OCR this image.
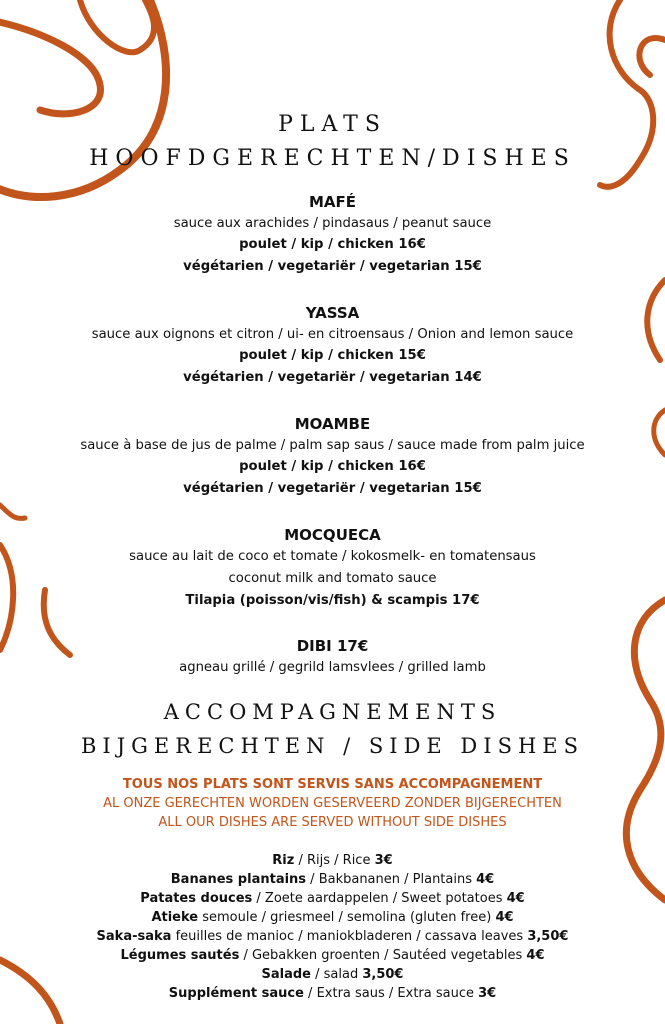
PLATS
HOOFDGERECHTEN/DISHES
MAFÉ
sauce aux arachides / pindasaus / peanut sauce
poulet / kip / chicken 16€
végétarien / vegetariër / vegetarian 15€
YASSA
sauce aux oignons et citron / ui- en citroensaus / Onion and lemon sauce
poulet / kip / chicken 15€
végétarien / vegetariër / vegetarian 14€
MOAMBE
sauce à base de jus de palme / palm sap saus / sauce made from palm juice
poulet / kip / chicken 16€
végétarien / vegetariër / vegetarian 15€
MOCQUECA
sauce au lait de coco et tomate / kokosmelk- en tomatensaus
coconut milk and tomato sauce
Tilapia (poisson/vis/fish) & scampis 17€
DIBI 17€
agneau grillé / gegrild lamsvlees / grilled lamb
ACCOMPAGNEMENTS
BIJGERECHTEN / SIDE DISHES
TOUS NOS PLATS SONT SERVIS SANS ACCOMPAGNEMENT
AL ONZE GERECHTEN WORDEN GESERVEERD ZONDER BIJGERECHTEN
ALL OUR DISHES ARE SERVED WITHOUT SIDE DISHES
Riz / Rijs / Rice 3€
Bananes plantains / Bakbananen / Plantains 4€
Patates douces / Zoete aardappelen / Sweet potatoes 4€
Atieke semoule / griesmeel / semolina (gluten free) 4€
Saka-saka feuilles de manioc / maniokbladeren / cassava leaves 3,50€
Légumes sautés / Gebakken groenten / Sautéed vegetables 4€
Salade / salad 3,50€
Supplément sauce / Extra saus / Extra sauce 3€
